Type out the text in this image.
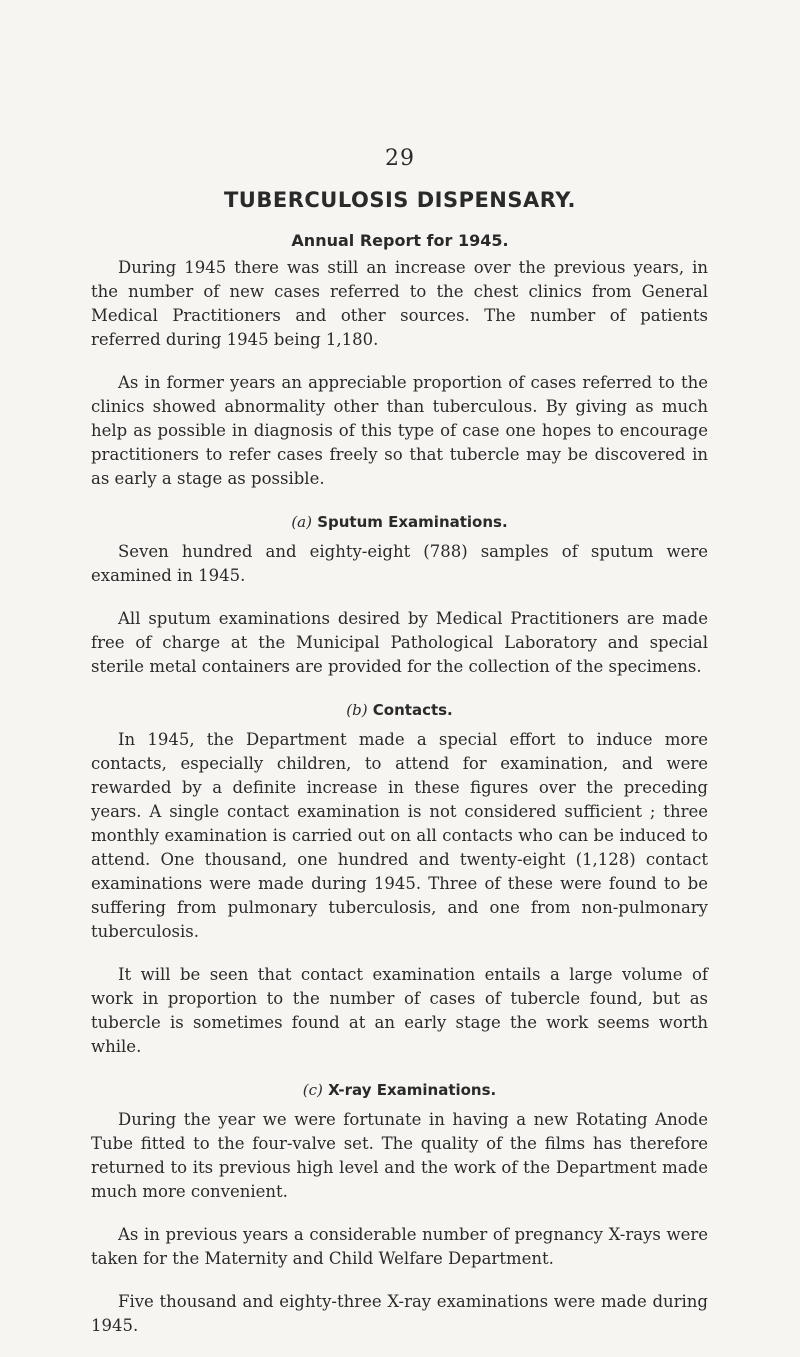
29
TUBERCULOSIS DISPENSARY.
Annual Report for 1945.

During 1945 there was still an increase over the previous years, in the number of new cases referred to the chest clinics from General Medical Practitioners and other sources. The number of patients referred during 1945 being 1,180.

As in former years an appreciable proportion of cases referred to the clinics showed abnormality other than tuberculous. By giving as much help as possible in diagnosis of this type of case one hopes to encourage practitioners to refer cases freely so that tubercle may be discovered in as early a stage as possible.

(a) Sputum Examinations.

Seven hundred and eighty-eight (788) samples of sputum were examined in 1945.

All sputum examinations desired by Medical Practitioners are made free of charge at the Municipal Pathological Laboratory and special sterile metal containers are provided for the collection of the specimens.

(b) Contacts.

In 1945, the Department made a special effort to induce more contacts, especially children, to attend for examination, and were rewarded by a definite increase in these figures over the preceding years. A single contact examination is not considered sufficient ; three monthly examination is carried out on all contacts who can be induced to attend. One thousand, one hundred and twenty-eight (1,128) contact examinations were made during 1945. Three of these were found to be suffering from pulmonary tuberculosis, and one from non-pulmonary tuberculosis.

It will be seen that contact examination entails a large volume of work in proportion to the number of cases of tubercle found, but as tubercle is sometimes found at an early stage the work seems worth while.

(c) X-ray Examinations.

During the year we were fortunate in having a new Rotating Anode Tube fitted to the four-valve set. The quality of the films has therefore returned to its previous high level and the work of the Department made much more convenient.

As in previous years a considerable number of pregnancy X-rays were taken for the Maternity and Child Welfare Department.

Five thousand and eighty-three X-ray examinations were made during 1945.
